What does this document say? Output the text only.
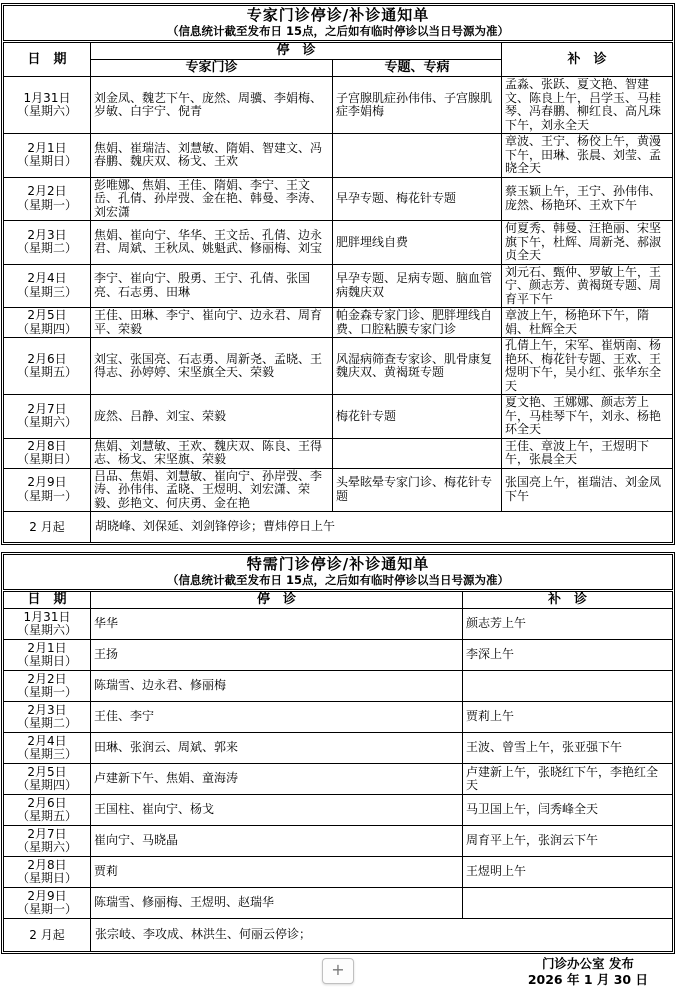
专家门诊停诊/补诊通知单
（信息统计截至发布日 15点，之后如有临时停诊以当日号源为准）
日　期	停　诊		补　诊
	专家门诊	专题、专病	

1月31日
（星期六）	刘金凤、魏艺下午、庞然、周骥、李娟梅、岁敏、白宇宁、倪青	子宫腺肌症孙伟伟、子宫腺肌症李娟梅	孟淼、张跃、夏文艳、智建文、陈良上午，吕学玉、马桂琴、冯春鹏、柳红良、高凡珠下午，刘永全天

2月1日
（星期日）	焦娟、崔瑞洁、刘慧敏、隋娟、智建文、冯春鹏、魏庆双、杨戈、王欢		章波、王宁、杨佼上午，黄漫下午，田琳、张晨、刘莹、孟晓全天

2月2日
（星期一）	彭唯娜、焦娟、王佳、隋娟、李宁、王文岳、孔倩、孙岸弢、金在艳、韩曼、李涛、刘宏潇	早孕专题、梅花针专题	蔡玉颖上午，王宁、孙伟伟、庞然、杨艳环、王欢下午

2月3日
（星期二）	焦娟、崔向宁、华华、王文岳、孔倩、边永君、周斌、王秋凤、姚魁武、修丽梅、刘宝	肥胖埋线自费	何夏秀、韩曼、汪艳丽、宋坚旗下午，杜辉、周新尧、郝淑贞全天

2月4日
（星期三）	李宁、崔向宁、殷勇、王宁、孔倩、张国亮、石志勇、田琳	早孕专题、足病专题、脑血管病魏庆双	刘元石、甄仲、罗敏上午，王宁、颜志芳、黄褐斑专题、周育平下午

2月5日
（星期四）	王佳、田琳、李宁、崔向宁、边永君、周育平、荣毅	帕金森专家门诊、肥胖埋线自费、口腔粘膜专家门诊	章波上午，杨艳环下午，隋娟、杜辉全天

2月6日
（星期五）	刘宝、张国亮、石志勇、周新尧、孟晓、王得志、孙婷婷、宋坚旗全天、荣毅	风湿病筛查专家诊、肌骨康复魏庆双、黄褐斑专题	孔倩上午，宋军、崔炳南、杨艳环、梅花针专题、王欢、王煜明下午，吴小红、张华东全天

2月7日
（星期六）	庞然、吕静、刘宝、荣毅	梅花针专题	夏文艳、王娜娜、颜志芳上午，马桂琴下午，刘永、杨艳环全天

2月8日
（星期日）	焦娟、刘慧敏、王欢、魏庆双、陈良、王得志、杨戈、宋坚旗、荣毅		王佳、章波上午，王煜明下午，张晨全天

2月9日
（星期一）	吕品、焦娟、刘慧敏、崔向宁、孙岸弢、李涛、孙伟伟、孟晓、王煜明、刘宏潇、荣毅、彭艳文、何庆勇、金在艳	头晕眩晕专家门诊、梅花针专题	张国亮上午，崔瑞洁、刘金凤下午

2 月起	胡晓峰、刘保延、刘剑锋停诊；曹炜停日上午		
特需门诊停诊/补诊通知单
（信息统计截至发布日 15点，之后如有临时停诊以当日号源为准）
日　期	停　诊	补　诊

1月31日
（星期六）	华华	颜志芳上午

2月1日
（星期日）	王扬	李深上午

2月2日
（星期一）	陈瑞雪、边永君、修丽梅	

2月3日
（星期二）	王佳、李宁	贾莉上午

2月4日
（星期三）	田琳、张润云、周斌、郭来	王波、曾雪上午，张亚强下午

2月5日
（星期四）	卢建新下午、焦娟、童海涛	卢建新上午，张晓红下午，李艳红全天

2月6日
（星期五）	王国柱、崔向宁、杨戈	马卫国上午，闫秀峰全天

2月7日
（星期六）	崔向宁、马晓晶	周育平上午，张润云下午

2月8日
（星期日）	贾莉	王煜明上午

2月9日
（星期一）	陈瑞雪、修丽梅、王煜明、赵瑞华	

2 月起	张宗岐、李攻成、林洪生、何丽云停诊；	
+	门诊办公室 发布
2026 年 1 月 30 日
